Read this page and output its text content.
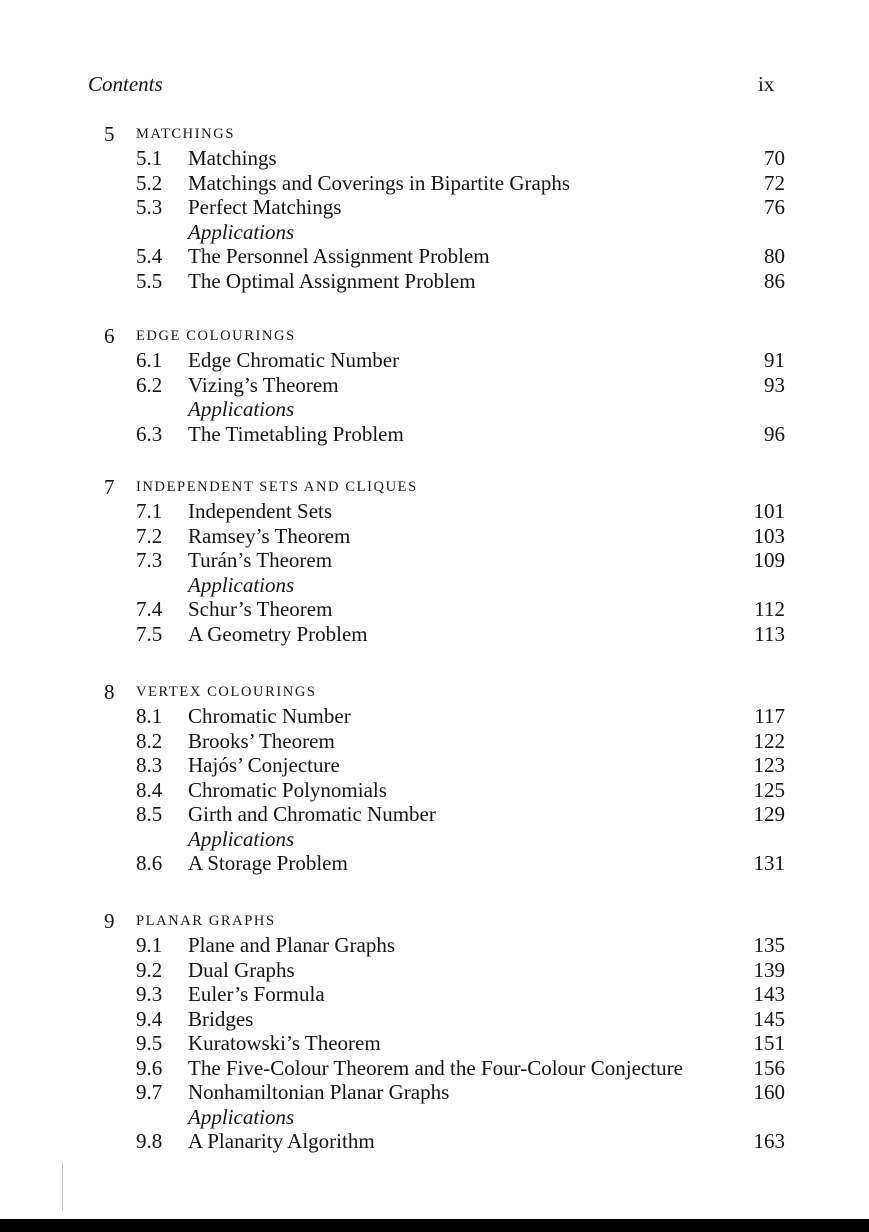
Contents	ix
5 MATCHINGS
5.1 Matchings	70
5.2 Matchings and Coverings in Bipartite Graphs	72
5.3 Perfect Matchings	76
Applications
5.4 The Personnel Assignment Problem	80
5.5 The Optimal Assignment Problem	86
6 EDGE COLOURINGS
6.1 Edge Chromatic Number	91
6.2 Vizing’s Theorem	93
Applications
6.3 The Timetabling Problem	96
7 INDEPENDENT SETS AND CLIQUES
7.1 Independent Sets	101
7.2 Ramsey’s Theorem	103
7.3 Turán’s Theorem	109
Applications
7.4 Schur’s Theorem	112
7.5 A Geometry Problem	113
8 VERTEX COLOURINGS
8.1 Chromatic Number	117
8.2 Brooks’ Theorem	122
8.3 Hajós’ Conjecture	123
8.4 Chromatic Polynomials	125
8.5 Girth and Chromatic Number	129
Applications
8.6 A Storage Problem	131
9 PLANAR GRAPHS
9.1 Plane and Planar Graphs	135
9.2 Dual Graphs	139
9.3 Euler’s Formula	143
9.4 Bridges	145
9.5 Kuratowski’s Theorem	151
9.6 The Five-Colour Theorem and the Four-Colour Conjecture	156
9.7 Nonhamiltonian Planar Graphs	160
Applications
9.8 A Planarity Algorithm	163
